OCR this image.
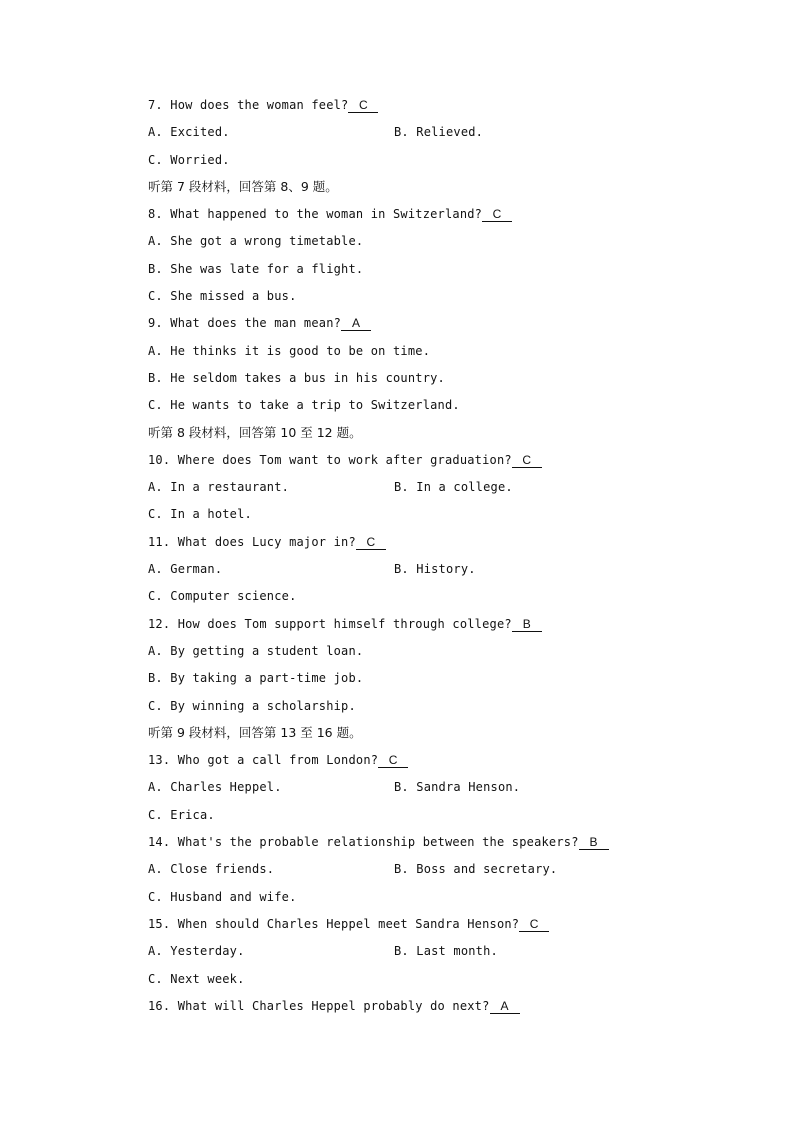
7. How does the woman feel? C
A. Excited.	B. Relieved.
C. Worried.
听第 7 段材料，回答第 8、9 题。
8. What happened to the woman in Switzerland? C
A. She got a wrong timetable.
B. She was late for a flight.
C. She missed a bus.
9. What does the man mean? A
A. He thinks it is good to be on time.
B. He seldom takes a bus in his country.
C. He wants to take a trip to Switzerland.
听第 8 段材料，回答第 10 至 12 题。
10. Where does Tom want to work after graduation? C
A. In a restaurant.	B. In a college.
C. In a hotel.
11. What does Lucy major in? C
A. German.	B. History.
C. Computer science.
12. How does Tom support himself through college? B
A. By getting a student loan.
B. By taking a part-time job.
C. By winning a scholarship.
听第 9 段材料，回答第 13 至 16 题。
13. Who got a call from London? C
A. Charles Heppel.	B. Sandra Henson.
C. Erica.
14. What's the probable relationship between the speakers? B
A. Close friends.	B. Boss and secretary.
C. Husband and wife.
15. When should Charles Heppel meet Sandra Henson? C
A. Yesterday.	B. Last month.
C. Next week.
16. What will Charles Heppel probably do next? A
